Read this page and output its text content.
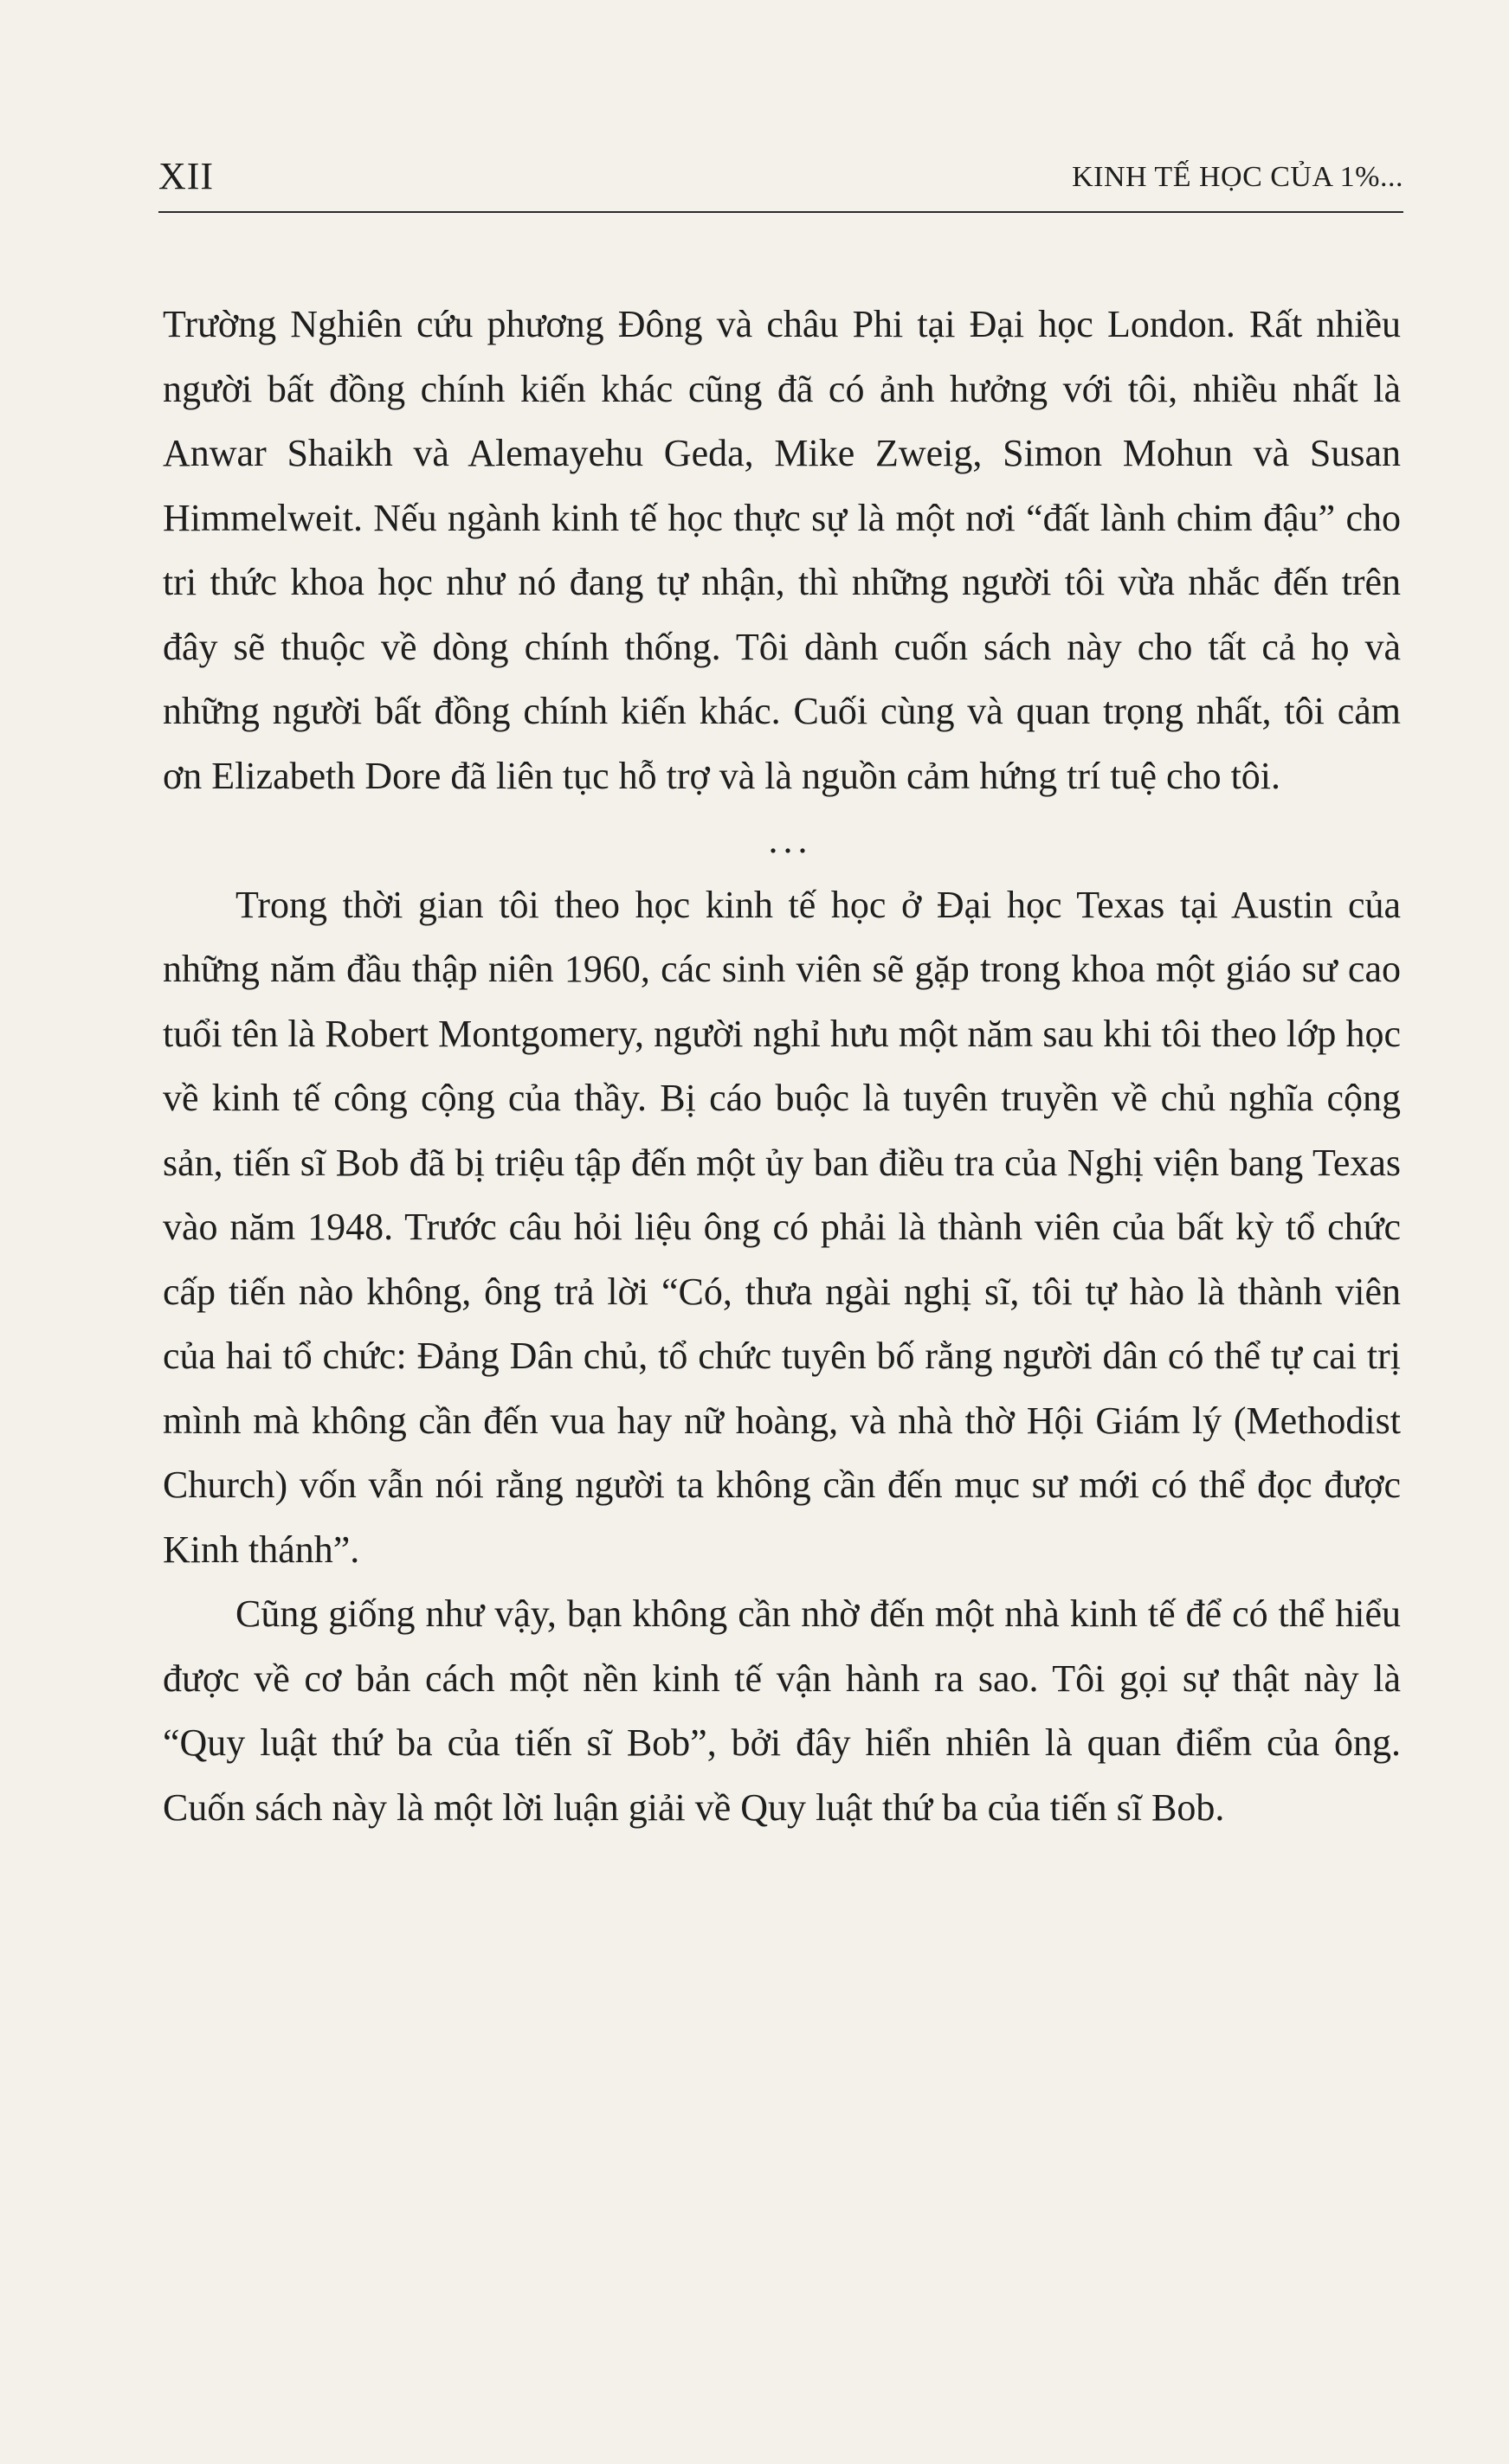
XII	KINH TẾ HỌC CỦA 1%...

Trường Nghiên cứu phương Đông và châu Phi tại Đại học London. Rất nhiều người bất đồng chính kiến khác cũng đã có ảnh hưởng với tôi, nhiều nhất là Anwar Shaikh và Alemayehu Geda, Mike Zweig, Simon Mohun và Susan Himmelweit. Nếu ngành kinh tế học thực sự là một nơi “đất lành chim đậu” cho tri thức khoa học như nó đang tự nhận, thì những người tôi vừa nhắc đến trên đây sẽ thuộc về dòng chính thống. Tôi dành cuốn sách này cho tất cả họ và những người bất đồng chính kiến khác. Cuối cùng và quan trọng nhất, tôi cảm ơn Elizabeth Dore đã liên tục hỗ trợ và là nguồn cảm hứng trí tuệ cho tôi.

...

Trong thời gian tôi theo học kinh tế học ở Đại học Texas tại Austin của những năm đầu thập niên 1960, các sinh viên sẽ gặp trong khoa một giáo sư cao tuổi tên là Robert Montgomery, người nghỉ hưu một năm sau khi tôi theo lớp học về kinh tế công cộng của thầy. Bị cáo buộc là tuyên truyền về chủ nghĩa cộng sản, tiến sĩ Bob đã bị triệu tập đến một ủy ban điều tra của Nghị viện bang Texas vào năm 1948. Trước câu hỏi liệu ông có phải là thành viên của bất kỳ tổ chức cấp tiến nào không, ông trả lời “Có, thưa ngài nghị sĩ, tôi tự hào là thành viên của hai tổ chức: Đảng Dân chủ, tổ chức tuyên bố rằng người dân có thể tự cai trị mình mà không cần đến vua hay nữ hoàng, và nhà thờ Hội Giám lý (Methodist Church) vốn vẫn nói rằng người ta không cần đến mục sư mới có thể đọc được Kinh thánh”.

Cũng giống như vậy, bạn không cần nhờ đến một nhà kinh tế để có thể hiểu được về cơ bản cách một nền kinh tế vận hành ra sao. Tôi gọi sự thật này là “Quy luật thứ ba của tiến sĩ Bob”, bởi đây hiển nhiên là quan điểm của ông. Cuốn sách này là một lời luận giải về Quy luật thứ ba của tiến sĩ Bob.
